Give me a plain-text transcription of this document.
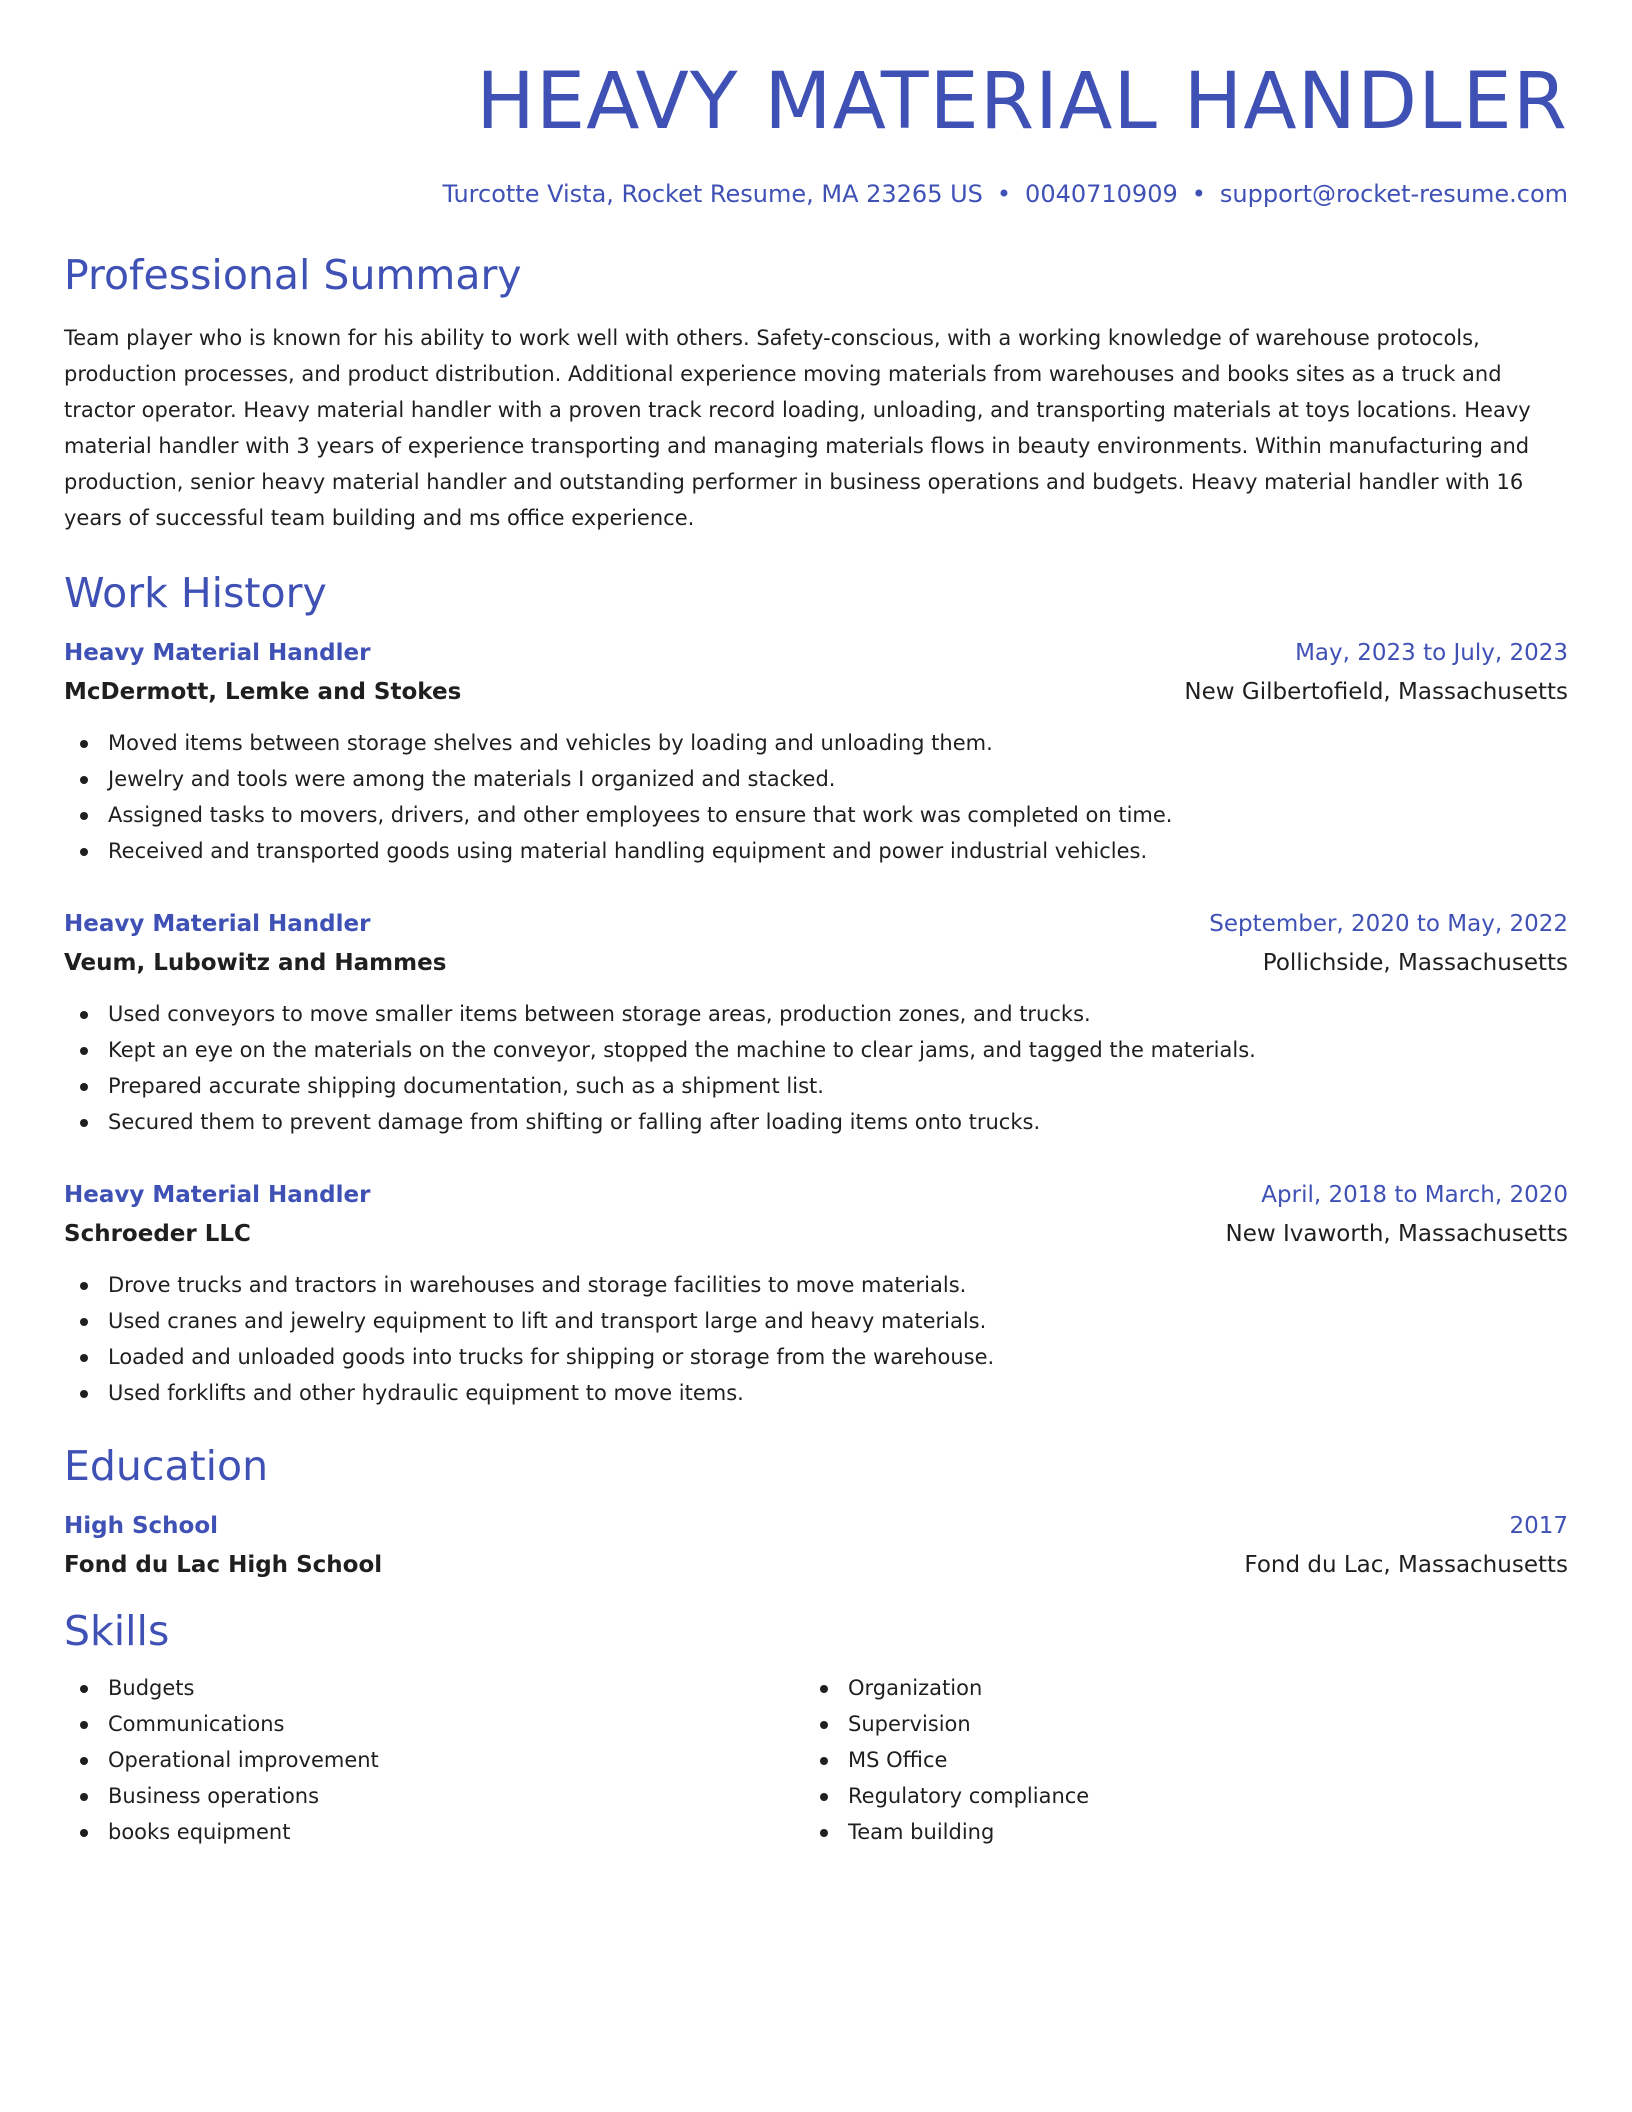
HEAVY MATERIAL HANDLER
Turcotte Vista, Rocket Resume, MA 23265 US • 0040710909 • support@rocket-resume.com
Professional Summary
Team player who is known for his ability to work well with others. Safety-conscious, with a working knowledge of warehouse protocols, production processes, and product distribution. Additional experience moving materials from warehouses and books sites as a truck and tractor operator. Heavy material handler with a proven track record loading, unloading, and transporting materials at toys locations. Heavy material handler with 3 years of experience transporting and managing materials flows in beauty environments. Within manufacturing and production, senior heavy material handler and outstanding performer in business operations and budgets. Heavy material handler with 16 years of successful team building and ms office experience.
Work History
Heavy Material Handler	May, 2023 to July, 2023
McDermott, Lemke and Stokes	New Gilbertofield, Massachusetts
Moved items between storage shelves and vehicles by loading and unloading them.
Jewelry and tools were among the materials I organized and stacked.
Assigned tasks to movers, drivers, and other employees to ensure that work was completed on time.
Received and transported goods using material handling equipment and power industrial vehicles.
Heavy Material Handler	September, 2020 to May, 2022
Veum, Lubowitz and Hammes	Pollichside, Massachusetts
Used conveyors to move smaller items between storage areas, production zones, and trucks.
Kept an eye on the materials on the conveyor, stopped the machine to clear jams, and tagged the materials.
Prepared accurate shipping documentation, such as a shipment list.
Secured them to prevent damage from shifting or falling after loading items onto trucks.
Heavy Material Handler	April, 2018 to March, 2020
Schroeder LLC	New Ivaworth, Massachusetts
Drove trucks and tractors in warehouses and storage facilities to move materials.
Used cranes and jewelry equipment to lift and transport large and heavy materials.
Loaded and unloaded goods into trucks for shipping or storage from the warehouse.
Used forklifts and other hydraulic equipment to move items.
Education
High School	2017
Fond du Lac High School	Fond du Lac, Massachusetts
Skills
Budgets
Communications
Operational improvement
Business operations
books equipment
Organization
Supervision
MS Office
Regulatory compliance
Team building
